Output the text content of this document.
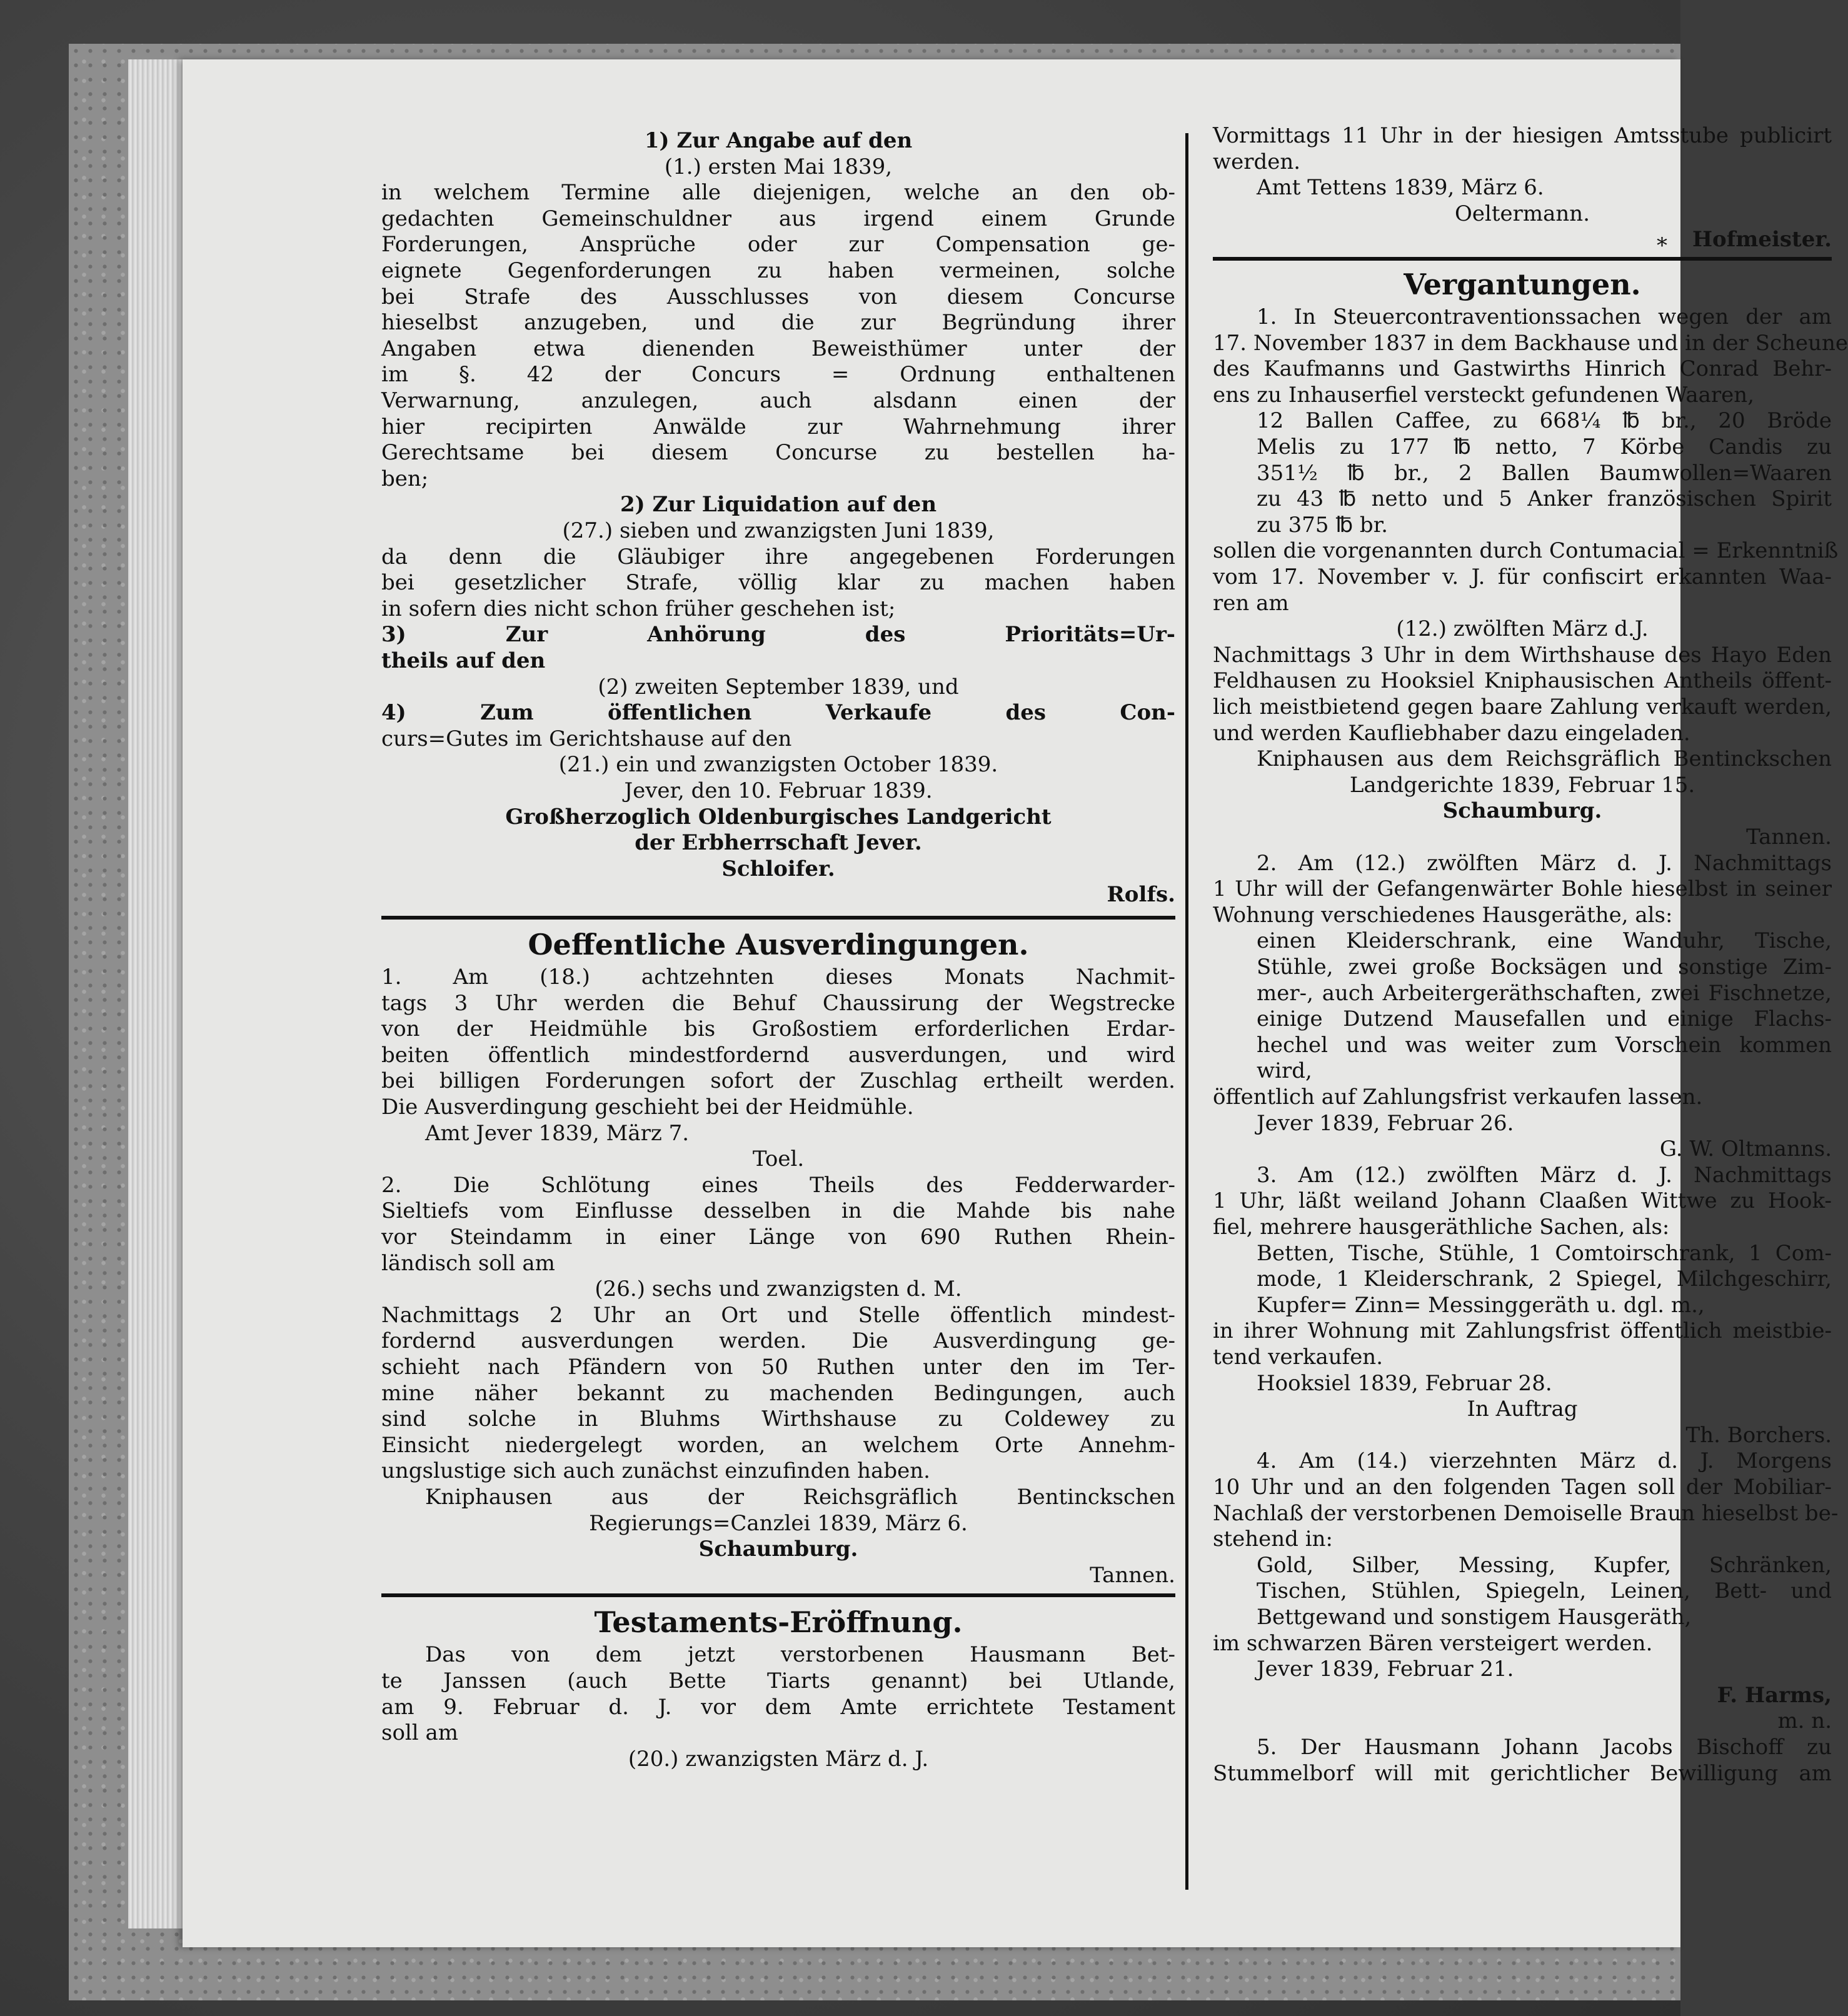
1) Zur Angabe auf den
(1.) ersten Mai 1839,
in welchem Termine alle diejenigen, welche an den ob-
gedachten Gemeinschuldner aus irgend einem Grunde
Forderungen, Ansprüche oder zur Compensation ge-
eignete Gegenforderungen zu haben vermeinen, solche
bei Strafe des Ausschlusses von diesem Concurse
hieselbst anzugeben, und die zur Begründung ihrer
Angaben etwa dienenden Beweisthümer unter der
im §. 42 der Concurs = Ordnung enthaltenen
Verwarnung, anzulegen, auch alsdann einen der
hier recipirten Anwälde zur Wahrnehmung ihrer
Gerechtsame bei diesem Concurse zu bestellen ha-
ben;
2) Zur Liquidation auf den
(27.) sieben und zwanzigsten Juni 1839,
da denn die Gläubiger ihre angegebenen Forderungen
bei gesetzlicher Strafe, völlig klar zu machen haben
in sofern dies nicht schon früher geschehen ist;
3) Zur Anhörung des Prioritäts=Ur-
theils auf den
(2) zweiten September 1839, und
4) Zum öffentlichen Verkaufe des Con-
curs=Gutes im Gerichtshause auf den
(21.) ein und zwanzigsten October 1839.
Jever, den 10. Februar 1839.
Großherzoglich Oldenburgisches Landgericht
der Erbherrschaft Jever.
Schloifer.
Rolfs.
Oeffentliche Ausverdingungen.
1. Am (18.) achtzehnten dieses Monats Nachmit-
tags 3 Uhr werden die Behuf Chaussirung der Wegstrecke
von der Heidmühle bis Großostiem erforderlichen Erdar-
beiten öffentlich mindestfordernd ausverdungen, und wird
bei billigen Forderungen sofort der Zuschlag ertheilt werden.
Die Ausverdingung geschieht bei der Heidmühle.
Amt Jever 1839, März 7.
Toel.
2. Die Schlötung eines Theils des Fedderwarder-
Sieltiefs vom Einflusse desselben in die Mahde bis nahe
vor Steindamm in einer Länge von 690 Ruthen Rhein-
ländisch soll am
(26.) sechs und zwanzigsten d. M.
Nachmittags 2 Uhr an Ort und Stelle öffentlich mindest-
fordernd ausverdungen werden. Die Ausverdingung ge-
schieht nach Pfändern von 50 Ruthen unter den im Ter-
mine näher bekannt zu machenden Bedingungen, auch
sind solche in Bluhms Wirthshause zu Coldewey zu
Einsicht niedergelegt worden, an welchem Orte Annehm-
ungslustige sich auch zunächst einzufinden haben.
Kniphausen aus der Reichsgräflich Bentinckschen
Regierungs=Canzlei 1839, März 6.
Schaumburg.
Tannen.
Testaments-Eröffnung.
Das von dem jetzt verstorbenen Hausmann Bet-
te Janssen (auch Bette Tiarts genannt) bei Utlande,
am 9. Februar d. J. vor dem Amte errichtete Testament
soll am
(20.) zwanzigsten März d. J.
Vormittags 11 Uhr in der hiesigen Amtsstube publicirt
werden.
Amt Tettens 1839, März 6.
Oeltermann.
Hofmeister.
Vergantungen.
1. In Steuercontraventionssachen wegen der am
17. November 1837 in dem Backhause und in der Scheune
des Kaufmanns und Gastwirths Hinrich Conrad Behr-
ens zu Inhauserfiel versteckt gefundenen Waaren,
12 Ballen Caffee, zu 668¼ ℔ br., 20 Bröde
Melis zu 177 ℔ netto, 7 Körbe Candis zu
351½ ℔ br., 2 Ballen Baumwollen=Waaren
zu 43 ℔ netto und 5 Anker französischen Spirit
zu 375 ℔ br.
sollen die vorgenannten durch Contumacial = Erkenntniß
vom 17. November v. J. für confiscirt erkannten Waa-
ren am
(12.) zwölften März d.J.
Nachmittags 3 Uhr in dem Wirthshause des Hayo Eden
Feldhausen zu Hooksiel Kniphausischen Antheils öffent-
lich meistbietend gegen baare Zahlung verkauft werden,
und werden Kaufliebhaber dazu eingeladen.
Kniphausen aus dem Reichsgräflich Bentinckschen
Landgerichte 1839, Februar 15.
Schaumburg.
Tannen.
2. Am (12.) zwölften März d. J. Nachmittags
1 Uhr will der Gefangenwärter Bohle hieselbst in seiner
Wohnung verschiedenes Hausgeräthe, als:
einen Kleiderschrank, eine Wanduhr, Tische,
Stühle, zwei große Bocksägen und sonstige Zim-
mer-, auch Arbeitergeräthschaften, zwei Fischnetze,
einige Dutzend Mausefallen und einige Flachs-
hechel und was weiter zum Vorschein kommen
wird,
öffentlich auf Zahlungsfrist verkaufen lassen.
Jever 1839, Februar 26.
G. W. Oltmanns.
3. Am (12.) zwölften März d. J. Nachmittags
1 Uhr, läßt weiland Johann Claaßen Wittwe zu Hook-
fiel, mehrere hausgeräthliche Sachen, als:
Betten, Tische, Stühle, 1 Comtoirschrank, 1 Com-
mode, 1 Kleiderschrank, 2 Spiegel, Milchgeschirr,
Kupfer= Zinn= Messinggeräth u. dgl. m.,
in ihrer Wohnung mit Zahlungsfrist öffentlich meistbie-
tend verkaufen.
Hooksiel 1839, Februar 28.
In Auftrag
Th. Borchers.
4. Am (14.) vierzehnten März d. J. Morgens
10 Uhr und an den folgenden Tagen soll der Mobiliar-
Nachlaß der verstorbenen Demoiselle Braun hieselbst be-
stehend in:
Gold, Silber, Messing, Kupfer, Schränken,
Tischen, Stühlen, Spiegeln, Leinen, Bett- und
Bettgewand und sonstigem Hausgeräth,
im schwarzen Bären versteigert werden.
Jever 1839, Februar 21.
F. Harms,
m. n.
5. Der Hausmann Johann Jacobs Bischoff zu
Stummelborf will mit gerichtlicher Bewilligung am
*
